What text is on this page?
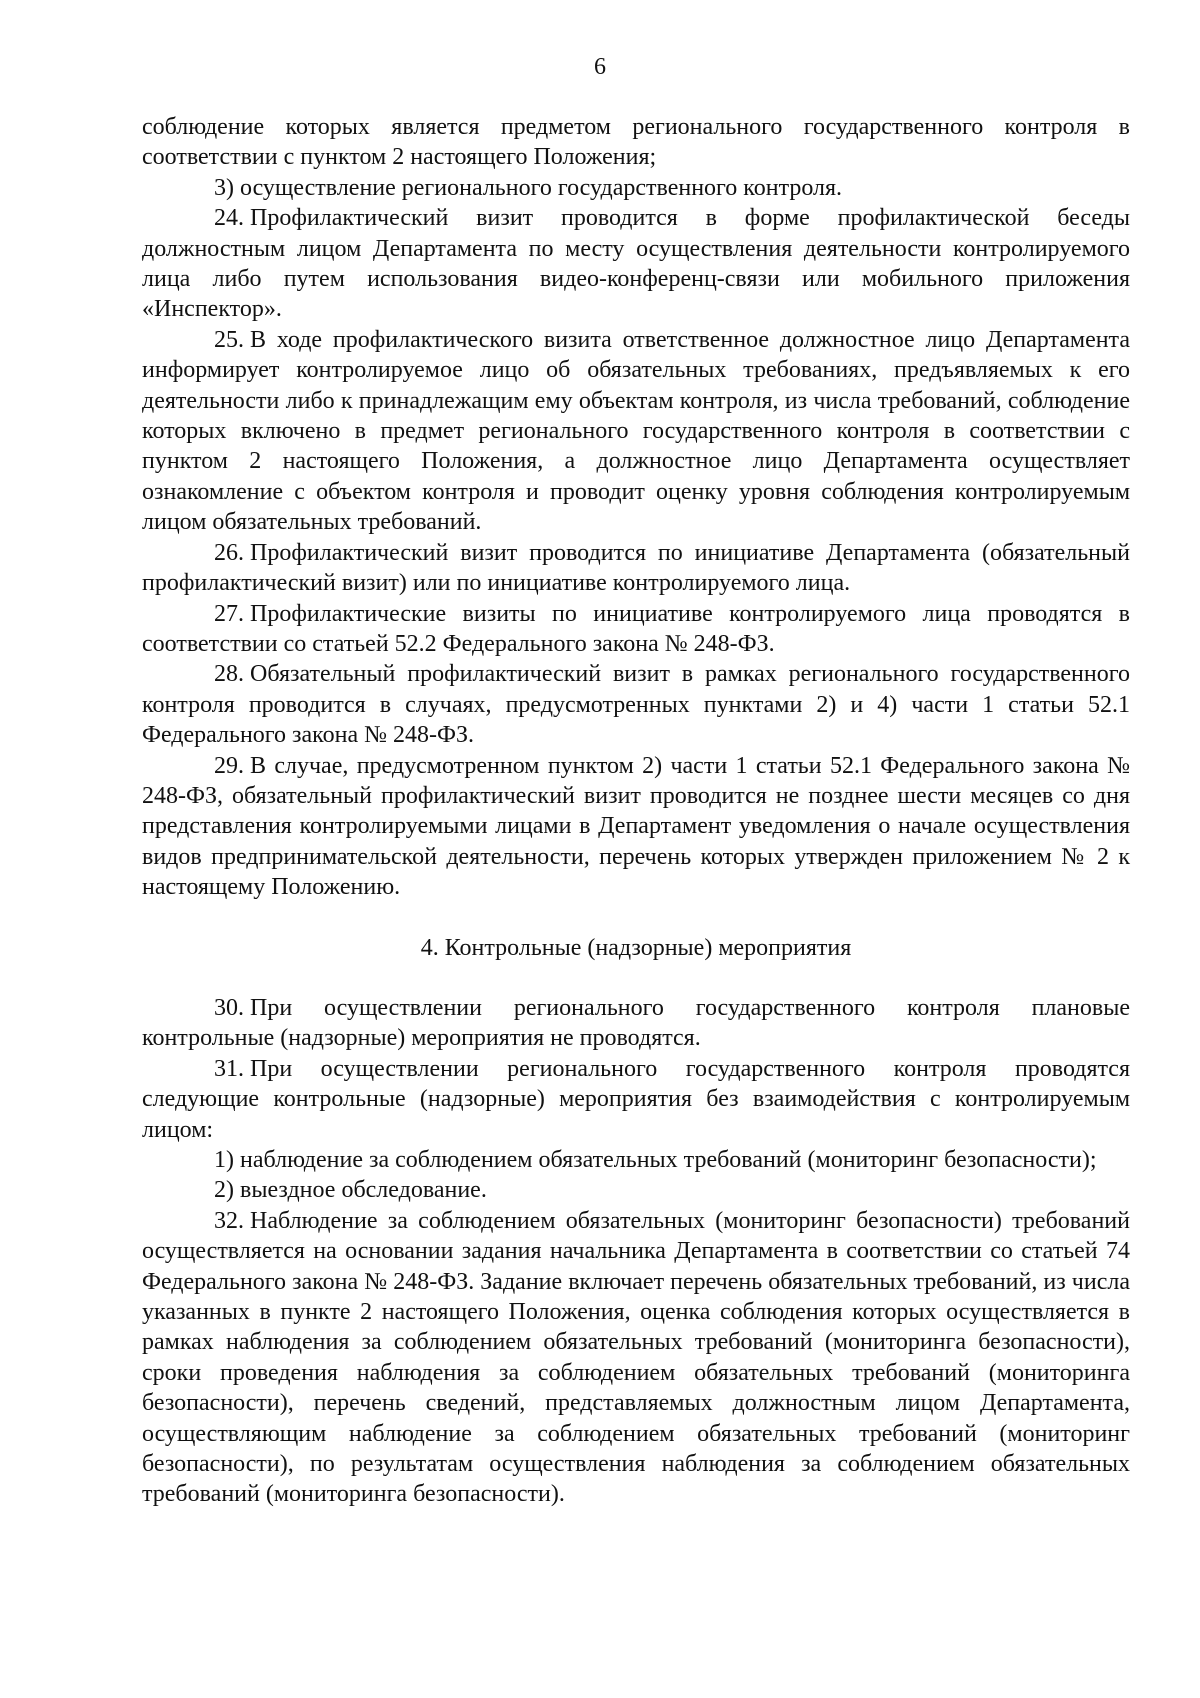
6

соблюдение которых является предметом регионального государственного контроля в соответствии с пунктом 2 настоящего Положения;

3) осуществление регионального государственного контроля.

24. Профилактический визит проводится в форме профилактической беседы должностным лицом Департамента по месту осуществления деятельности контролируемого лица либо путем использования видео-конференц-связи или мобильного приложения «Инспектор».

25. В ходе профилактического визита ответственное должностное лицо Департамента информирует контролируемое лицо об обязательных требованиях, предъявляемых к его деятельности либо к принадлежащим ему объектам контроля, из числа требований, соблюдение которых включено в предмет регионального государственного контроля в соответствии с пунктом 2 настоящего Положения, а должностное лицо Департамента осуществляет ознакомление с объектом контроля и проводит оценку уровня соблюдения контролируемым лицом обязательных требований.

26. Профилактический визит проводится по инициативе Департамента (обязательный профилактический визит) или по инициативе контролируемого лица.

27. Профилактические визиты по инициативе контролируемого лица проводятся в соответствии со статьей 52.2 Федерального закона № 248-ФЗ.

28. Обязательный профилактический визит в рамках регионального государственного контроля проводится в случаях, предусмотренных пунктами 2) и 4) части 1 статьи 52.1 Федерального закона № 248-ФЗ.

29. В случае, предусмотренном пунктом 2) части 1 статьи 52.1 Федерального закона № 248-ФЗ, обязательный профилактический визит проводится не позднее шести месяцев со дня представления контролируемыми лицами в Департамент уведомления о начале осуществления видов предпринимательской деятельности, перечень которых утвержден приложением № 2 к настоящему Положению.

4. Контрольные (надзорные) мероприятия

30. При осуществлении регионального государственного контроля плановые контрольные (надзорные) мероприятия не проводятся.

31. При осуществлении регионального государственного контроля проводятся следующие контрольные (надзорные) мероприятия без взаимодействия с контролируемым лицом:

1) наблюдение за соблюдением обязательных требований (мониторинг безопасности);

2) выездное обследование.

32. Наблюдение за соблюдением обязательных (мониторинг безопасности) требований осуществляется на основании задания начальника Департамента в соответствии со статьей 74 Федерального закона № 248-ФЗ. Задание включает перечень обязательных требований, из числа указанных в пункте 2 настоящего Положения, оценка соблюдения которых осуществляется в рамках наблюдения за соблюдением обязательных требований (мониторинга безопасности), сроки проведения наблюдения за соблюдением обязательных требований (мониторинга безопасности), перечень сведений, представляемых должностным лицом Департамента, осуществляющим наблюдение за соблюдением обязательных требований (мониторинг безопасности), по результатам осуществления наблюдения за соблюдением обязательных требований (мониторинга безопасности).
